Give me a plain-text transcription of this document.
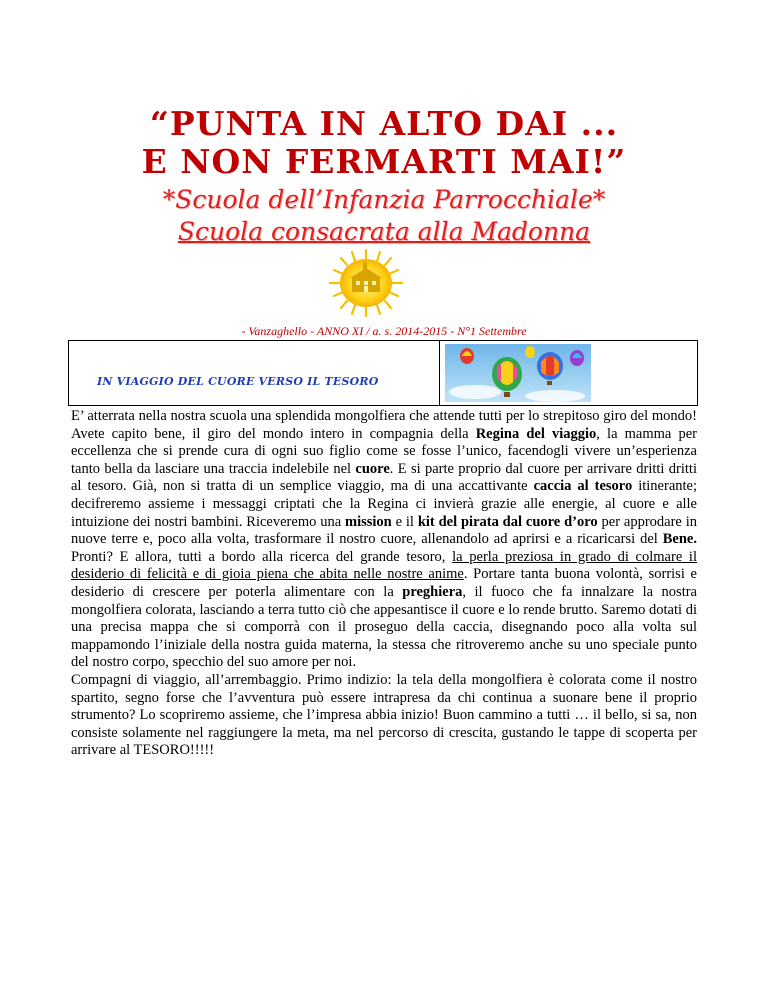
“PUNTA IN ALTO DAI ...
E NON FERMARTI MAI!”
*Scuola dell’Infanzia Parrocchiale*
Scuola consacrata alla Madonna
- Vanzaghello - ANNO XI / a. s. 2014-2015 - N°1 Settembre
IN VIAGGIO DEL CUORE VERSO IL TESORO

E’ atterrata nella nostra scuola una splendida mongolfiera che attende tutti per lo strepitoso giro del mondo! Avete capito bene, il giro del mondo intero in compagnia della Regina del viaggio, la mamma per eccellenza che si prende cura di ogni suo figlio come se fosse l’unico, facendogli vivere un’esperienza tanto bella da lasciare una traccia indelebile nel cuore. E si parte proprio dal cuore per arrivare dritti dritti al tesoro. Già, non si tratta di un semplice viaggio, ma di una accattivante caccia al tesoro itinerante; decifreremo assieme i messaggi criptati che la Regina ci invierà grazie alle energie, al cuore e alle intuizione dei nostri bambini. Riceveremo una mission e il kit del pirata dal cuore d’oro per approdare in nuove terre e, poco alla volta, trasformare il nostro cuore, allenandolo ad aprirsi e a ricaricarsi del Bene. Pronti? E allora, tutti a bordo alla ricerca del grande tesoro, la perla preziosa in grado di colmare il desiderio di felicità e di gioia piena che abita nelle nostre anime. Portare tanta buona volontà, sorrisi e desiderio di crescere per poterla alimentare con la preghiera, il fuoco che fa innalzare la nostra mongolfiera colorata, lasciando a terra tutto ciò che appesantisce il cuore e lo rende brutto. Saremo dotati di una precisa mappa che si comporrà con il proseguo della caccia, disegnando poco alla volta sul mappamondo l’iniziale della nostra guida materna, la stessa che ritroveremo anche su uno speciale punto del nostro corpo, specchio del suo amore per noi.

Compagni di viaggio, all’arrembaggio. Primo indizio: la tela della mongolfiera è colorata come il nostro spartito, segno forse che l’avventura può essere intrapresa da chi continua a suonare bene il proprio strumento? Lo scopriremo assieme, che l’impresa abbia inizio! Buon cammino a tutti … il bello, si sa, non consiste solamente nel raggiungere la meta, ma nel percorso di crescita, gustando le tappe di scoperta per arrivare al TESORO!!!!!
